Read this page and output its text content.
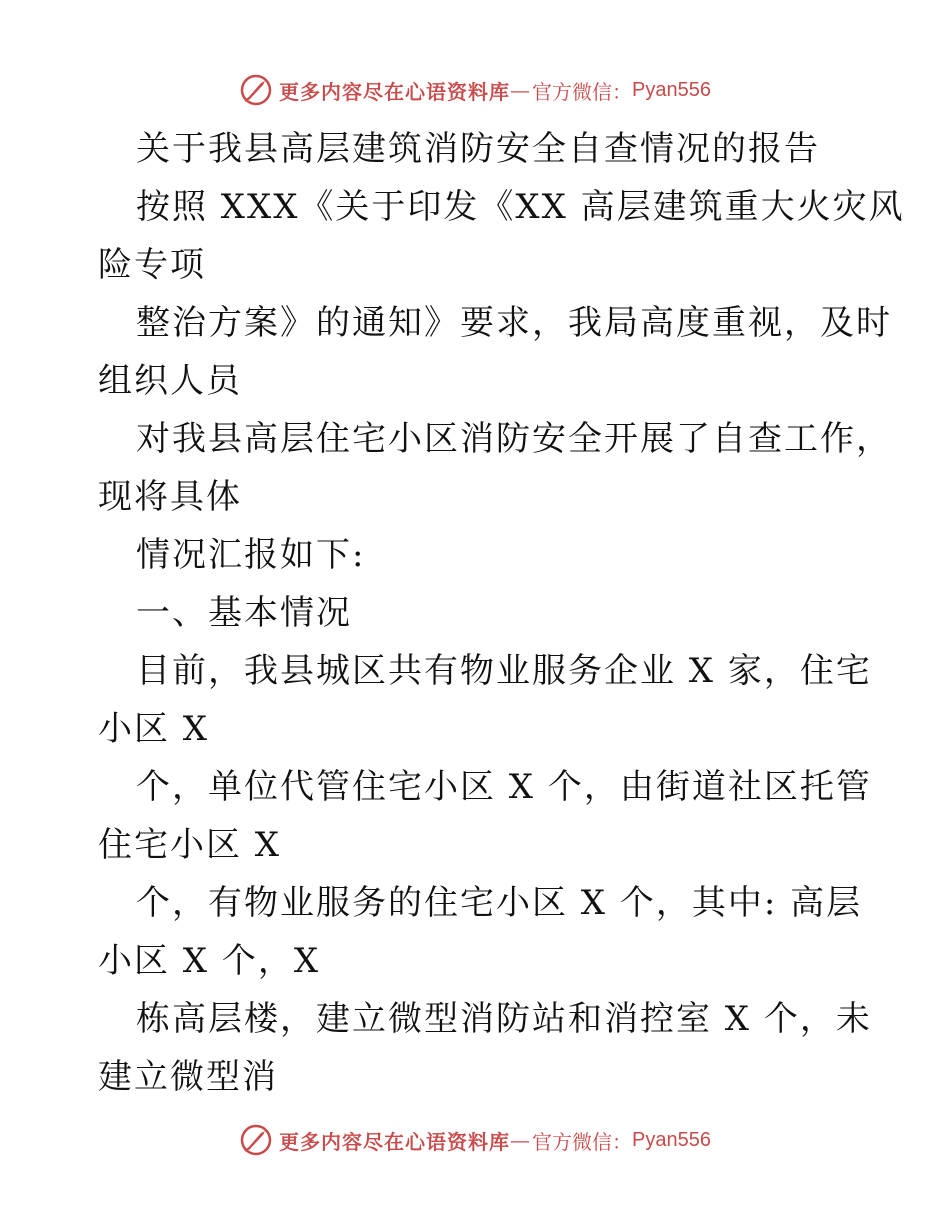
更多内容尽在心语资料库 — 官方微信： Pyan556
关于我县高层建筑消防安全自查情况的报告
按照 XXX《关于印发《XX 高层建筑重大火灾风
险专项
整治方案》的通知》要求，我局高度重视，及时
组织人员
对我县高层住宅小区消防安全开展了自查工作，
现将具体
情况汇报如下:
一、基本情况
目前，我县城区共有物业服务企业 X 家，住宅
小区 X
个，单位代管住宅小区 X 个，由街道社区托管
住宅小区 X
个，有物业服务的住宅小区 X 个，其中: 高层
小区 X 个，X
栋高层楼，建立微型消防站和消控室 X 个，未
建立微型消
更多内容尽在心语资料库 — 官方微信： Pyan556
